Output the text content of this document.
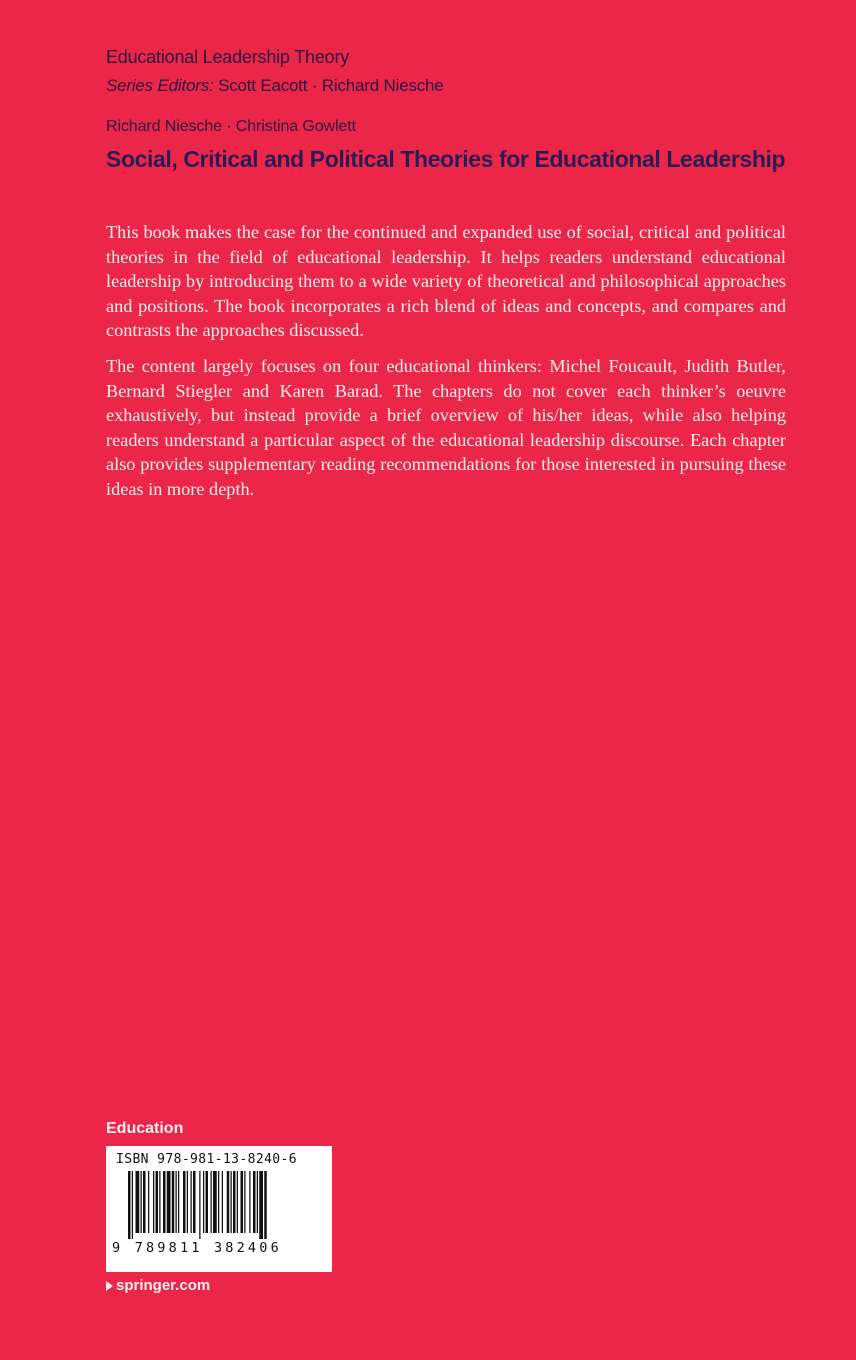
Educational Leadership Theory
Series Editors: Scott Eacott · Richard Niesche
Richard Niesche · Christina Gowlett
Social, Critical and Political Theories for Educational Leadership

This book makes the case for the continued and expanded use of social, critical and political theories in the field of educational leadership. It helps readers understand educational leadership by introducing them to a wide variety of theoretical and philosophical approaches and positions. The book incorporates a rich blend of ideas and concepts, and compares and contrasts the approaches discussed.

The content largely focuses on four educational thinkers: Michel Foucault, Judith Butler, Bernard Stiegler and Karen Barad. The chapters do not cover each thinker’s oeuvre exhaustively, but instead provide a brief overview of his/her ideas, while also helping readers understand a particular aspect of the educational leadership discourse. Each chapter also provides supplementary reading recommendations for those interested in pursuing these ideas in more depth.

Education
ISBN 978-981-13-8240-6
9 789811 382406
springer.com
